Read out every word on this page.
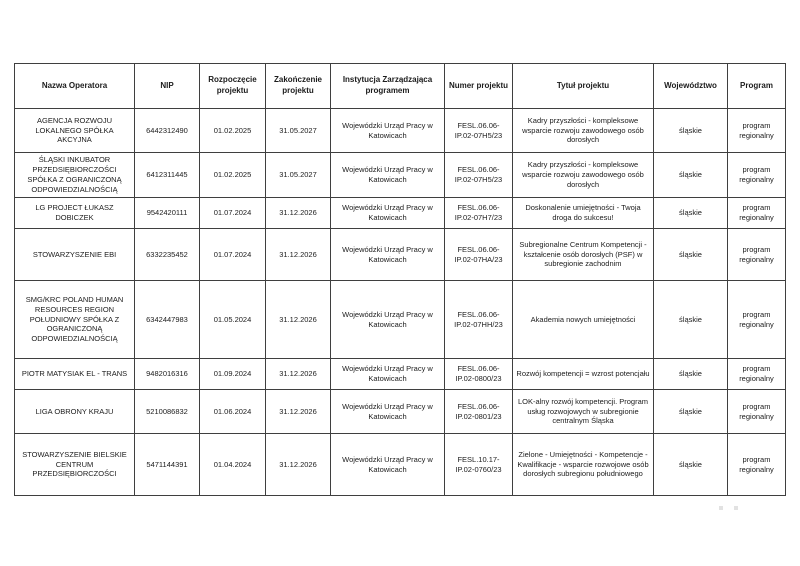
Nazwa Operatora	NIP	Rozpoczęcie projektu	Zakończenie projektu	Instytucja Zarządzająca programem	Numer projektu	Tytuł projektu	Województwo	Program
AGENCJA ROZWOJU LOKALNEGO SPÓŁKA AKCYJNA	6442312490	01.02.2025	31.05.2027	Wojewódzki Urząd Pracy w Katowicach	FESL.06.06-IP.02-07H5/23	Kadry przyszłości - kompleksowe wsparcie rozwoju zawodowego osób dorosłych	śląskie	program regionalny
ŚLĄSKI INKUBATOR PRZEDSIĘBIORCZOŚCI SPÓŁKA Z OGRANICZONĄ ODPOWIEDZIALNOŚCIĄ	6412311445	01.02.2025	31.05.2027	Wojewódzki Urząd Pracy w Katowicach	FESL.06.06-IP.02-07H5/23	Kadry przyszłości - kompleksowe wsparcie rozwoju zawodowego osób dorosłych	śląskie	program regionalny
LG PROJECT ŁUKASZ DOBICZEK	9542420111	01.07.2024	31.12.2026	Wojewódzki Urząd Pracy w Katowicach	FESL.06.06-IP.02-07H7/23	Doskonalenie umiejętności - Twoja droga do sukcesu!	śląskie	program regionalny
STOWARZYSZENIE EBI	6332235452	01.07.2024	31.12.2026	Wojewódzki Urząd Pracy w Katowicach	FESL.06.06-IP.02-07HA/23	Subregionalne Centrum Kompetencji - kształcenie osób dorosłych (PSF) w subregionie zachodnim	śląskie	program regionalny
SMG/KRC POLAND HUMAN RESOURCES REGION POŁUDNIOWY SPÓŁKA Z OGRANICZONĄ ODPOWIEDZIALNOŚCIĄ	6342447983	01.05.2024	31.12.2026	Wojewódzki Urząd Pracy w Katowicach	FESL.06.06-IP.02-07HH/23	Akademia nowych umiejętności	śląskie	program regionalny
PIOTR MATYSIAK EL - TRANS	9482016316	01.09.2024	31.12.2026	Wojewódzki Urząd Pracy w Katowicach	FESL.06.06-IP.02-0800/23	Rozwój kompetencji = wzrost potencjału	śląskie	program regionalny
LIGA OBRONY KRAJU	5210086832	01.06.2024	31.12.2026	Wojewódzki Urząd Pracy w Katowicach	FESL.06.06-IP.02-0801/23	LOK-alny rozwój kompetencji. Program usług rozwojowych w subregionie centralnym Śląska	śląskie	program regionalny
STOWARZYSZENIE BIELSKIE CENTRUM PRZEDSIĘBIORCZOŚCI	5471144391	01.04.2024	31.12.2026	Wojewódzki Urząd Pracy w Katowicach	FESL.10.17-IP.02-0760/23	Zielone - Umiejętności - Kompetencje - Kwalifikacje - wsparcie rozwojowe osób dorosłych subregionu południowego	śląskie	program regionalny
